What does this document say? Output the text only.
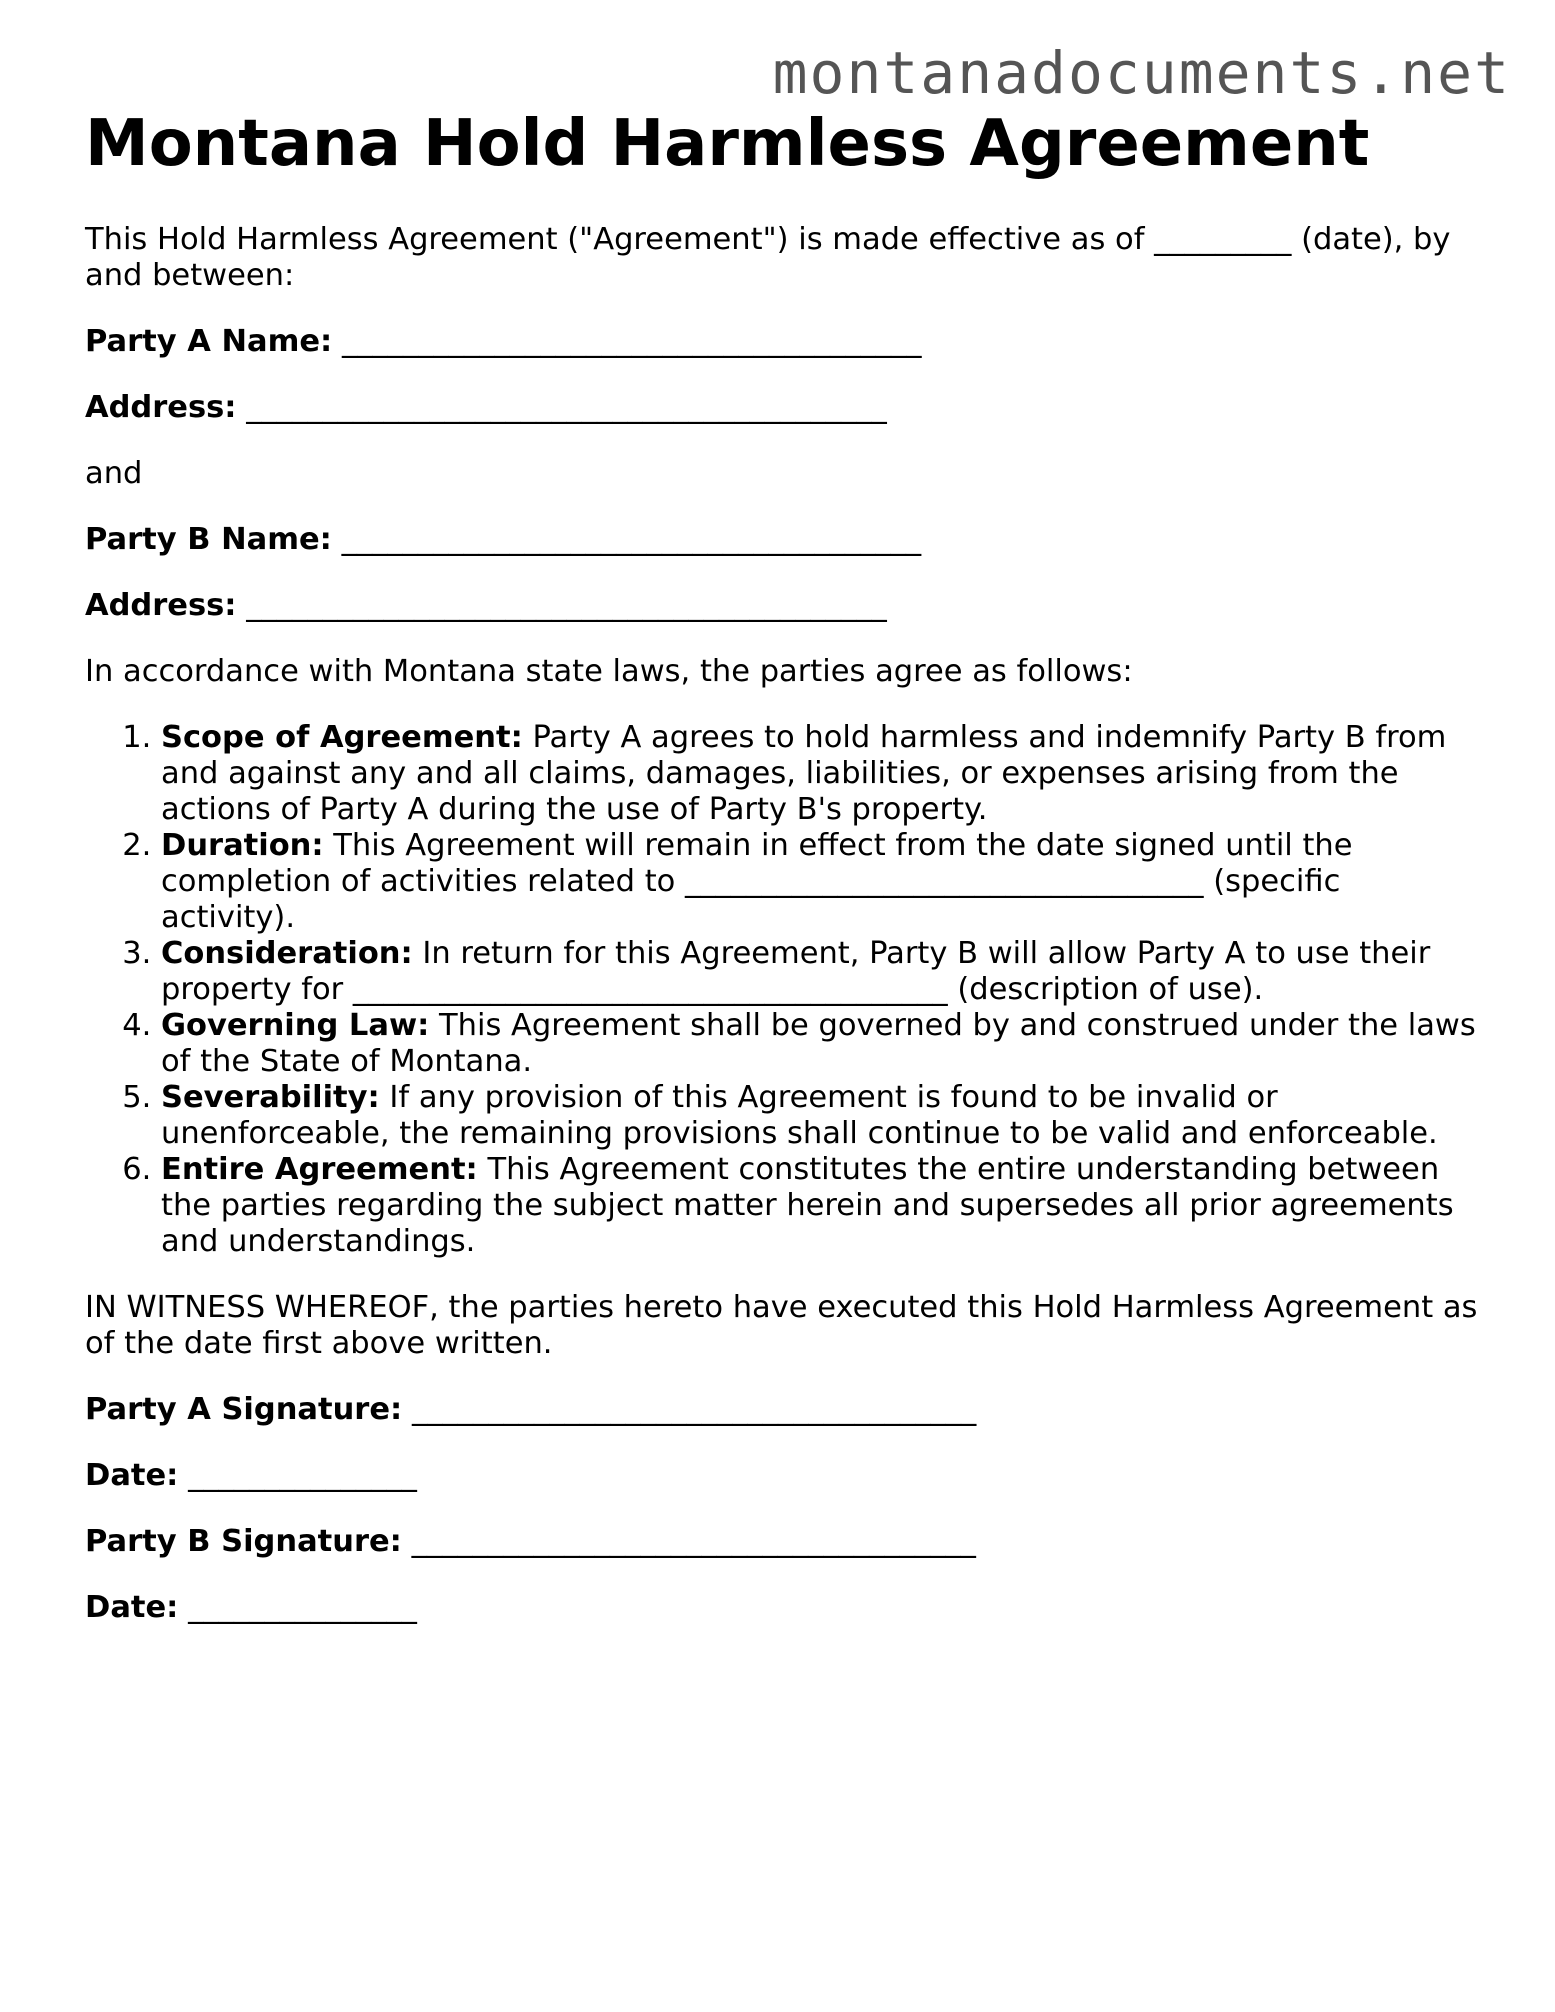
montanadocuments.net
Montana Hold Harmless Agreement

This Hold Harmless Agreement ("Agreement") is made effective as of _________ (date), by and between:

Party A Name: ______________________________________

Address: __________________________________________

and

Party B Name: ______________________________________

Address: __________________________________________

In accordance with Montana state laws, the parties agree as follows:

1. Scope of Agreement: Party A agrees to hold harmless and indemnify Party B from and against any and all claims, damages, liabilities, or expenses arising from the actions of Party A during the use of Party B's property.
2. Duration: This Agreement will remain in effect from the date signed until the completion of activities related to __________________________________ (specific activity).
3. Consideration: In return for this Agreement, Party B will allow Party A to use their property for _______________________________________ (description of use).
4. Governing Law: This Agreement shall be governed by and construed under the laws of the State of Montana.
5. Severability: If any provision of this Agreement is found to be invalid or unenforceable, the remaining provisions shall continue to be valid and enforceable.
6. Entire Agreement: This Agreement constitutes the entire understanding between the parties regarding the subject matter herein and supersedes all prior agreements and understandings.

IN WITNESS WHEREOF, the parties hereto have executed this Hold Harmless Agreement as of the date first above written.

Party A Signature: _____________________________________

Date: _______________

Party B Signature: _____________________________________

Date: _______________
